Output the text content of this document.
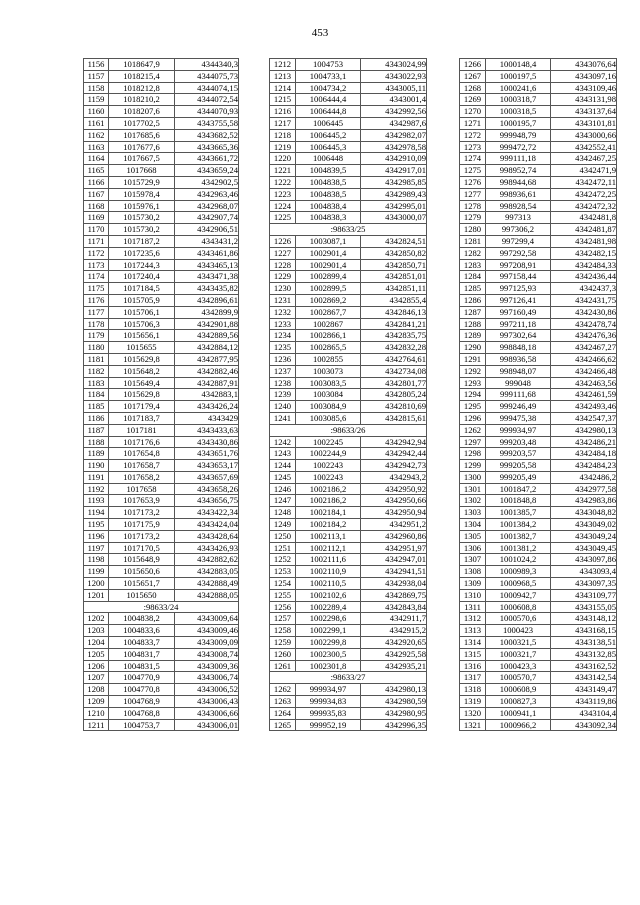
453
1156	1018647,9	4344340,3
1157	1018215,4	4344075,73
1158	1018212,8	4344074,15
1159	1018210,2	4344072,54
1160	1018207,6	4344070,93
1161	1017702,5	4343755,58
1162	1017685,6	4343682,52
1163	1017677,6	4343665,36
1164	1017667,5	4343661,72
1165	1017668	4343659,24
1166	1015729,9	4342902,5
1167	1015978,4	4342963,46
1168	1015976,1	4342968,07
1169	1015730,2	4342907,74
1170	1015730,2	4342906,51
1171	1017187,2	4343431,2
1172	1017235,6	4343461,86
1173	1017244,3	4343465,13
1174	1017240,4	4343471,38
1175	1017184,5	4343435,82
1176	1015705,9	4342896,61
1177	1015706,1	4342899,9
1178	1015706,3	4342901,88
1179	1015656,1	4342889,56
1180	1015655	4342884,12
1181	1015629,8	4342877,95
1182	1015648,2	4342882,46
1183	1015649,4	4342887,91
1184	1015629,8	4342883,1
1185	1017179,4	4343426,24
1186	1017183,7	4343429
1187	1017181	4343433,63
1188	1017176,6	4343430,86
1189	1017654,8	4343651,76
1190	1017658,7	4343653,17
1191	1017658,2	4343657,69
1192	1017658	4343658,26
1193	1017653,9	4343656,75
1194	1017173,2	4343422,34
1195	1017175,9	4343424,04
1196	1017173,2	4343428,64
1197	1017170,5	4343426,93
1198	1015648,9	4342882,62
1199	1015650,6	4342883,05
1200	1015651,7	4342888,49
1201	1015650	4342888,05
:98633/24		
1202	1004838,2	4343009,64
1203	1004833,6	4343009,46
1204	1004833,7	4343009,09
1205	1004831,7	4343008,74
1206	1004831,5	4343009,36
1207	1004770,9	4343006,74
1208	1004770,8	4343006,52
1209	1004768,9	4343006,43
1210	1004768,8	4343006,66
1211	1004753,7	4343006,01
1212	1004753	4343024,99
1213	1004733,1	4343022,93
1214	1004734,2	4343005,11
1215	1006444,4	4343001,4
1216	1006444,8	4342992,56
1217	1006445	4342987,6
1218	1006445,2	4342982,07
1219	1006445,3	4342978,58
1220	1006448	4342910,09
1221	1004839,5	4342917,01
1222	1004838,5	4342985,85
1223	1004838,5	4342989,43
1224	1004838,4	4342995,01
1225	1004838,3	4343000,07
:98633/25		
1226	1003087,1	4342824,51
1227	1002901,4	4342850,82
1228	1002901,4	4342850,71
1229	1002899,4	4342851,01
1230	1002899,5	4342851,11
1231	1002869,2	4342855,4
1232	1002867,7	4342846,13
1233	1002867	4342841,21
1234	1002866,1	4342835,75
1235	1002865,5	4342832,28
1236	1002855	4342764,61
1237	1003073	4342734,08
1238	1003083,5	4342801,77
1239	1003084	4342805,24
1240	1003084,9	4342810,69
1241	1003085,6	4342815,61
:98633/26		
1242	1002245	4342942,94
1243	1002244,9	4342942,44
1244	1002243	4342942,73
1245	1002243	4342943,2
1246	1002186,2	4342950,92
1247	1002186,2	4342950,66
1248	1002184,1	4342950,94
1249	1002184,2	4342951,2
1250	1002113,1	4342960,86
1251	1002112,1	4342951,97
1252	1002111,6	4342947,01
1253	1002110,9	4342941,51
1254	1002110,5	4342938,04
1255	1002102,6	4342869,75
1256	1002289,4	4342843,84
1257	1002298,6	4342911,7
1258	1002299,1	4342915,2
1259	1002299,8	4342920,65
1260	1002300,5	4342925,58
1261	1002301,8	4342935,21
:98633/27		
1262	999934,97	4342980,13
1263	999934,83	4342980,59
1264	999935,83	4342980,95
1265	999952,19	4342996,35
1266	1000148,4	4343076,64
1267	1000197,5	4343097,16
1268	1000241,6	4343109,46
1269	1000318,7	4343131,98
1270	1000318,5	4343137,64
1271	1000195,7	4343101,81
1272	999948,79	4343000,66
1273	999472,72	4342552,41
1274	999111,18	4342467,25
1275	998952,74	4342471,9
1276	998944,68	4342472,11
1277	998936,61	4342472,25
1278	998928,54	4342472,32
1279	997313	4342481,8
1280	997306,2	4342481,87
1281	997299,4	4342481,98
1282	997292,58	4342482,15
1283	997208,91	4342484,33
1284	997158,44	4342436,44
1285	997125,93	4342437,3
1286	997126,41	4342431,75
1287	997160,49	4342430,86
1288	997211,18	4342478,74
1289	997302,64	4342476,36
1290	998848,18	4342467,27
1291	998936,58	4342466,62
1292	998948,07	4342466,48
1293	999048	4342463,56
1294	999111,68	4342461,59
1295	999246,49	4342493,46
1296	999475,38	4342547,37
1262	999934,97	4342980,13
1297	999203,48	4342486,21
1298	999203,57	4342484,18
1299	999205,58	4342484,23
1300	999205,49	4342486,2
1301	1001847,2	4342977,58
1302	1001848,8	4342983,86
1303	1001385,7	4343048,82
1304	1001384,2	4343049,02
1305	1001382,7	4343049,24
1306	1001381,2	4343049,45
1307	1001024,2	4343097,86
1308	1000989,3	4343093,4
1309	1000968,5	4343097,35
1310	1000942,7	4343109,77
1311	1000608,8	4343155,05
1312	1000570,6	4343148,12
1313	1000423	4343168,15
1314	1000321,5	4343138,51
1315	1000321,7	4343132,85
1316	1000423,3	4343162,52
1317	1000570,7	4343142,54
1318	1000608,9	4343149,47
1319	1000827,3	4343119,86
1320	1000941,1	4343104,4
1321	1000966,2	4343092,34
